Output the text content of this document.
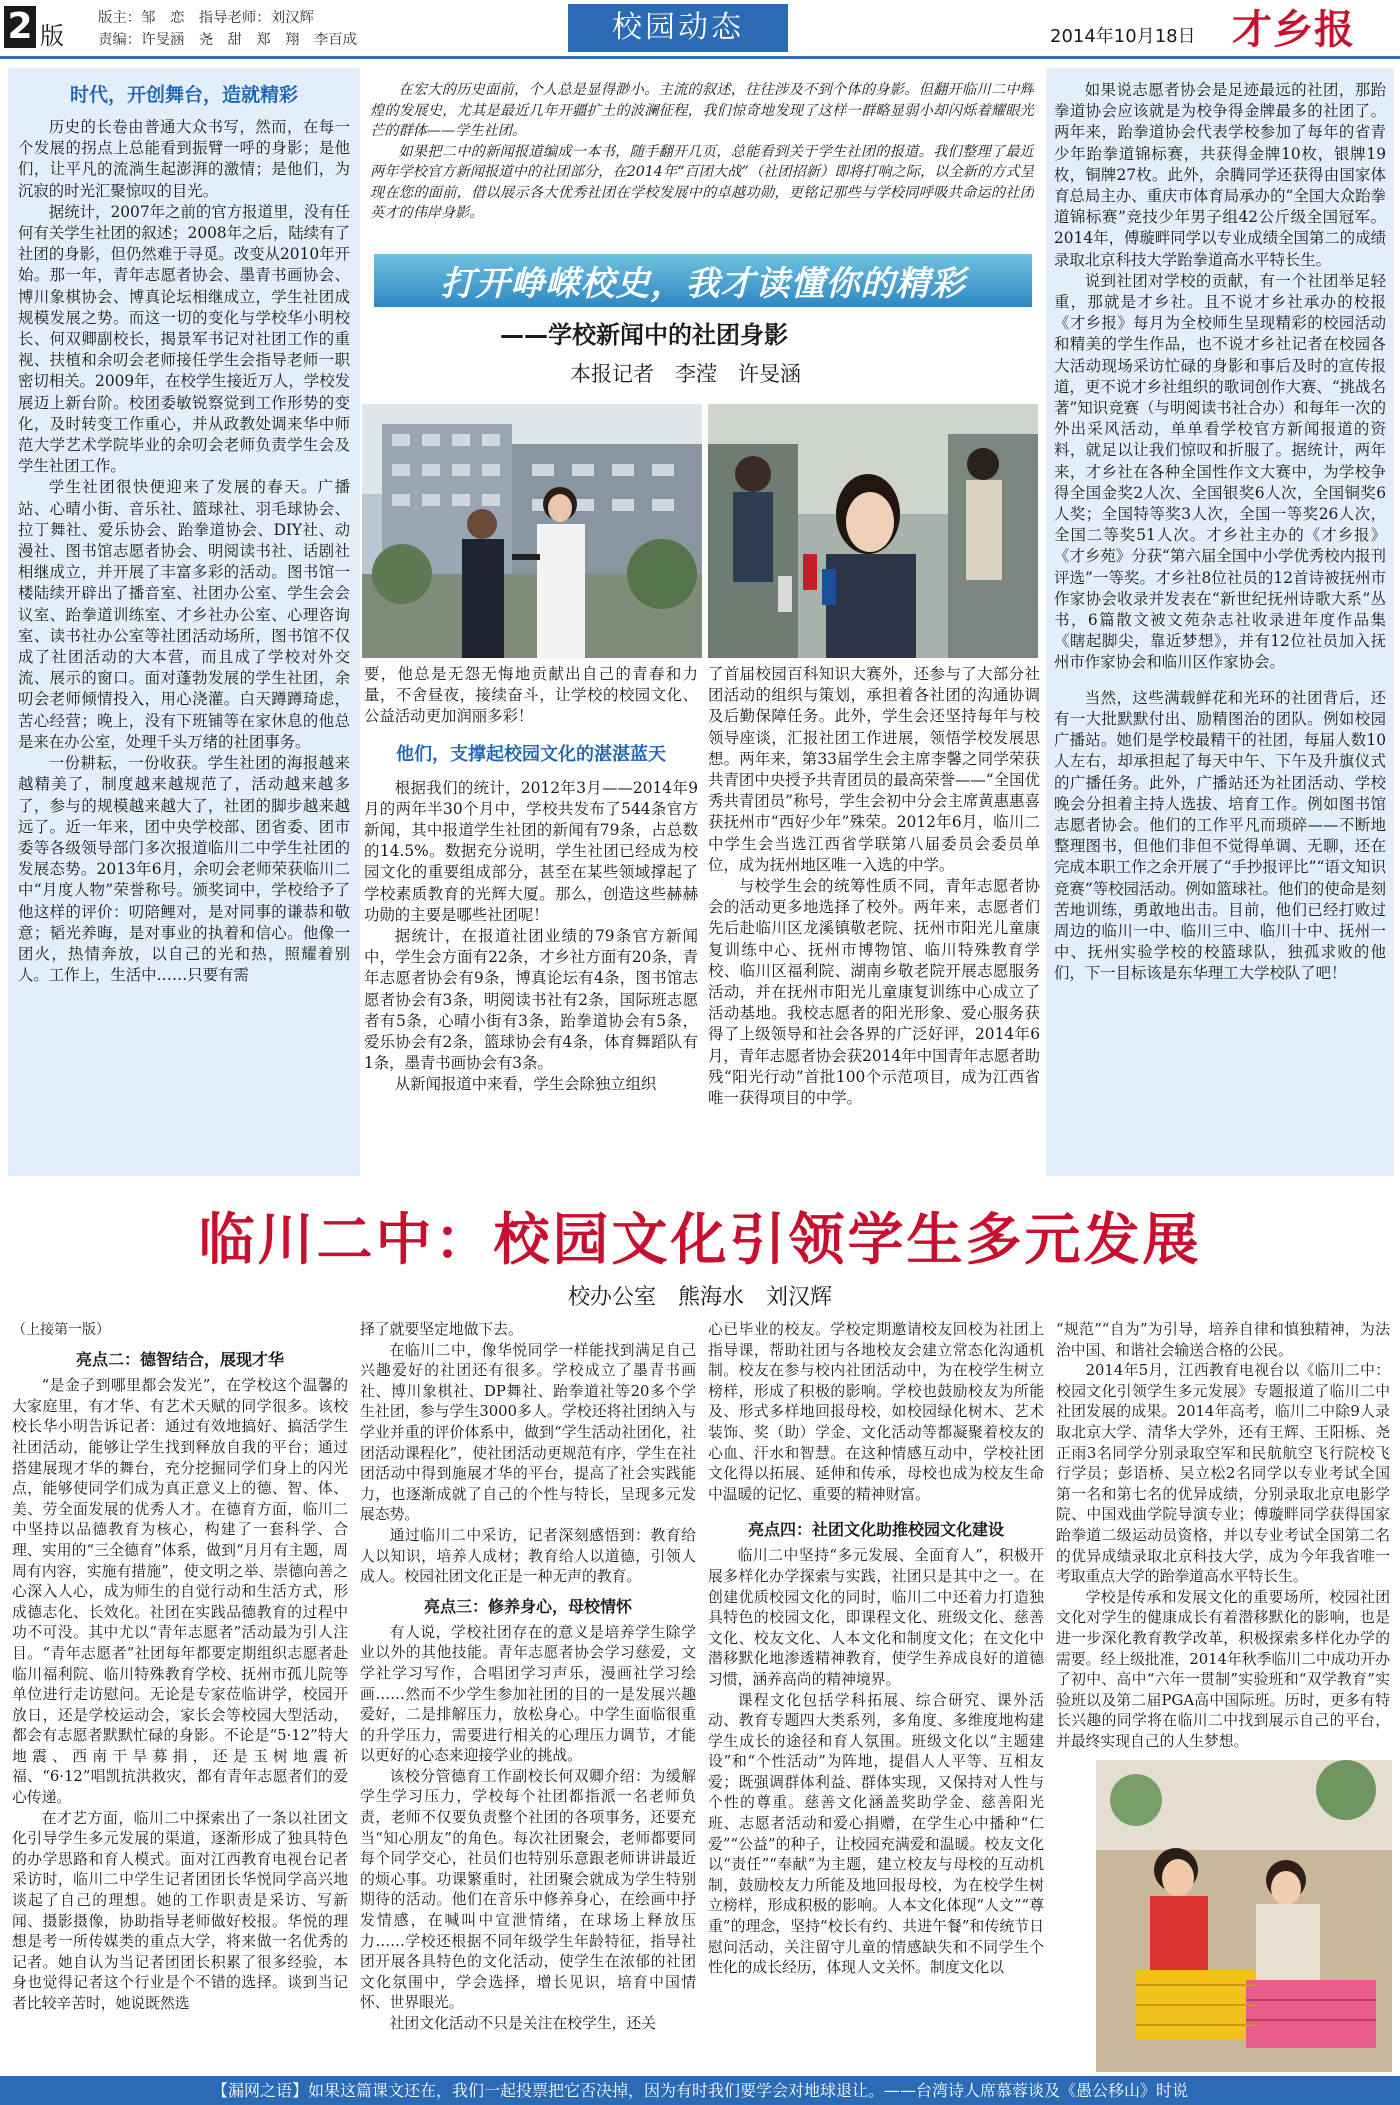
2 版
版主：邹　恋　指导老师：刘汉辉
责编：许旻涵　尧　甜　郑　翔　李百成	校园动态	2014年10月18日 才乡报

时代，开创舞台，造就精彩

历史的长卷由普通大众书写，然而，在每一个发展的拐点上总能看到振臂一呼的身影；是他们，让平凡的流淌生起澎湃的激情；是他们，为沉寂的时光汇聚惊叹的目光。

据统计，2007年之前的官方报道里，没有任何有关学生社团的叙述；2008年之后，陆续有了社团的身影，但仍然难于寻觅。改变从2010年开始。那一年，青年志愿者协会、墨青书画协会、博川象棋协会、博真论坛相继成立，学生社团成规模发展之势。而这一切的变化与学校华小明校长、何双卿副校长，揭景军书记对社团工作的重视、扶植和余叨会老师接任学生会指导老师一职密切相关。2009年，在校学生接近万人，学校发展迈上新台阶。校团委敏锐察觉到工作形势的变化，及时转变工作重心，并从政教处调来华中师范大学艺术学院毕业的余叨会老师负责学生会及学生社团工作。

学生社团很快便迎来了发展的春天。广播站、心晴小街、音乐社、篮球社、羽毛球协会、拉丁舞社、爱乐协会、跆拳道协会、DIY社、动漫社、图书馆志愿者协会、明阅读书社、话剧社相继成立，并开展了丰富多彩的活动。图书馆一楼陆续开辟出了播音室、社团办公室、学生会会议室、跆拳道训练室、才乡社办公室、心理咨询室、读书社办公室等社团活动场所，图书馆不仅成了社团活动的大本营，而且成了学校对外交流、展示的窗口。面对蓬勃发展的学生社团，余叨会老师倾情投入，用心浇灌。白天蹲蹲琦虑，苦心经营；晚上，没有下班铺等在家休息的他总是来在办公室，处理千头万绪的社团事务。

一份耕耘，一份收获。学生社团的海报越来越精美了，制度越来越规范了，活动越来越多了，参与的规模越来越大了，社团的脚步越来越远了。近一年来，团中央学校部、团省委、团市委等各级领导部门多次报道临川二中学生社团的发展态势。2013年6月，余叨会老师荣获临川二中“月度人物”荣誉称号。颁奖词中，学校给予了他这样的评价：叨陪鲤对，是对同事的谦恭和敬意；韬光养晦，是对事业的执着和信心。他像一团火，热情奔放，以自己的光和热，照耀着别人。工作上，生活中……只要有需

在宏大的历史面前，个人总是显得渺小。主流的叙述，往往涉及不到个体的身影。但翻开临川二中辉煌的发展史，尤其是最近几年开疆扩土的波澜征程，我们惊奇地发现了这样一群略显弱小却闪烁着耀眼光芒的群体——学生社团。

如果把二中的新闻报道编成一本书，随手翻开几页，总能看到关于学生社团的报道。我们整理了最近两年学校官方新闻报道中的社团部分，在2014年“百团大战”（社团招新）即将打响之际，以全新的方式呈现在您的面前，借以展示各大优秀社团在学校发展中的卓越功勋，更铭记那些与学校同呼吸共命运的社团英才的伟岸身影。

打开峥嵘校史，我才读懂你的精彩
——学校新闻中的社团身影
本报记者　李滢　许旻涵

要，他总是无怨无悔地贡献出自己的青春和力量，不舍昼夜，接续奋斗，让学校的校园文化、公益活动更加润丽多彩！

他们，支撑起校园文化的湛湛蓝天

根据我们的统计，2012年3月——2014年9月的两年半30个月中，学校共发布了544条官方新闻，其中报道学生社团的新闻有79条，占总数的14.5%。数据充分说明，学生社团已经成为校园文化的重要组成部分，甚至在某些领域撑起了学校素质教育的光辉大厦。那么，创造这些赫赫功勋的主要是哪些社团呢！

据统计，在报道社团业绩的79条官方新闻中，学生会方面有22条，才乡社方面有20条，青年志愿者协会有9条，博真论坛有4条，图书馆志愿者协会有3条，明阅读书社有2条，国际班志愿者有5条，心晴小街有3条，跆拳道协会有5条，爱乐协会有2条，篮球协会有4条，体育舞蹈队有1条，墨青书画协会有3条。

从新闻报道中来看，学生会除独立组织

了首届校园百科知识大赛外，还参与了大部分社团活动的组织与策划，承担着各社团的沟通协调及后勤保障任务。此外，学生会还坚持每年与校领导座谈，汇报社团工作进展，领悟学校发展思想。两年来，第33届学生会主席李馨之同学荣获共青团中央授予共青团员的最高荣誉——“全国优秀共青团员”称号，学生会初中分会主席黄惠惠喜获抚州市“西好少年”殊荣。2012年6月，临川二中学生会当选江西省学联第八届委员会委员单位，成为抚州地区唯一入选的中学。

与校学生会的统筹性质不同，青年志愿者协会的活动更多地选择了校外。两年来，志愿者们先后赴临川区龙溪镇敬老院、抚州市阳光儿童康复训练中心、抚州市博物馆、临川特殊教育学校、临川区福利院、湖南乡敬老院开展志愿服务活动，并在抚州市阳光儿童康复训练中心成立了活动基地。我校志愿者的阳光形象、爱心服务获得了上级领导和社会各界的广泛好评，2014年6月，青年志愿者协会获2014年中国青年志愿者助残“阳光行动”首批100个示范项目，成为江西省唯一获得项目的中学。

如果说志愿者协会是足迹最远的社团，那跆拳道协会应该就是为校争得金牌最多的社团了。两年来，跆拳道协会代表学校参加了每年的省青少年跆拳道锦标赛，共获得金牌10枚，银牌19枚，铜牌27枚。此外，余腾同学还获得由国家体育总局主办、重庆市体育局承办的“全国大众跆拳道锦标赛”竞技少年男子组42公斤级全国冠军。2014年，傅璇畔同学以专业成绩全国第二的成绩录取北京科技大学跆拳道高水平特长生。

说到社团对学校的贡献，有一个社团举足轻重，那就是才乡社。且不说才乡社承办的校报《才乡报》每月为全校师生呈现精彩的校园活动和精美的学生作品，也不说才乡社记者在校园各大活动现场采访忙碌的身影和事后及时的宣传报道，更不说才乡社组织的歌词创作大赛、“挑战名著”知识竞赛（与明阅读书社合办）和每年一次的外出采风活动，单单看学校官方新闻报道的资料，就足以让我们惊叹和折服了。据统计，两年来，才乡社在各种全国性作文大赛中，为学校争得全国金奖2人次、全国银奖6人次，全国铜奖6人奖；全国特等奖3人次，全国一等奖26人次，全国二等奖51人次。才乡社主办的《才乡报》《才乡苑》分获“第六届全国中小学优秀校内报刊评选”一等奖。才乡社8位社员的12首诗被抚州市作家协会收录并发表在“新世纪抚州诗歌大系”丛书，6篇散文被文苑杂志社收录进年度作品集《瞎起脚尖，靠近梦想》，并有12位社员加入抚州市作家协会和临川区作家协会。

当然，这些满载鲜花和光环的社团背后，还有一大批默默付出、励精图治的团队。例如校园广播站。她们是学校最精干的社团，每届人数10人左右，却承担起了每天中午、下午及升旗仪式的广播任务。此外，广播站还为社团活动、学校晚会分担着主持人选拔、培育工作。例如图书馆志愿者协会。他们的工作平凡而琐碎——不断地整理图书，但他们非但不觉得单调、无聊，还在完成本职工作之余开展了“手抄报评比”“语文知识竞赛”等校园活动。例如篮球社。他们的使命是刻苦地训练，勇敢地出击。目前，他们已经打败过周边的临川一中、临川三中、临川十中、抚州一中、抚州实验学校的校篮球队，独孤求败的他们，下一目标该是东华理工大学校队了吧！

临川二中：校园文化引领学生多元发展
校办公室　熊海水　刘汉辉

（上接第一版）

亮点二：德智结合，展现才华

“是金子到哪里都会发光”，在学校这个温馨的大家庭里，有才华、有艺术天赋的同学很多。该校校长华小明告诉记者：通过有效地搞好、搞活学生社团活动，能够让学生找到释放自我的平台；通过搭建展现才华的舞台，充分挖掘同学们身上的闪光点，能够使同学们成为真正意义上的德、智、体、美、劳全面发展的优秀人才。在德育方面，临川二中坚持以品德教育为核心，构建了一套科学、合理、实用的“三全德育”体系，做到“月月有主题，周周有内容，实施有措施”，使文明之举、崇德向善之心深入人心，成为师生的自觉行动和生活方式，形成德志化、长效化。社团在实践品德教育的过程中功不可没。其中尤以“青年志愿者”活动最为引人注目。“青年志愿者”社团每年都要定期组织志愿者赴临川福利院、临川特殊教育学校、抚州市孤儿院等单位进行走访慰问。无论是专家莅临讲学，校园开放日，还是学校运动会，家长会等校园大型活动，都会有志愿者默默忙碌的身影。不论是“5·12”特大地震、西南干旱募捐，还是玉树地震祈福、“6·12”唱凯抗洪救灾，都有青年志愿者们的爱心传递。

在才艺方面，临川二中探索出了一条以社团文化引导学生多元发展的渠道，逐渐形成了独具特色的办学思路和育人模式。面对江西教育电视台记者采访时，临川二中学生记者团团长华悦同学高兴地谈起了自己的理想。她的工作职责是采访、写新闻、摄影摄像，协助指导老师做好校报。华悦的理想是考一所传媒类的重点大学，将来做一名优秀的记者。她自认为当记者团团长积累了很多经验，本身也觉得记者这个行业是个不错的选择。谈到当记者比较辛苦时，她说既然选

择了就要坚定地做下去。

在临川二中，像华悦同学一样能找到满足自己兴趣爱好的社团还有很多。学校成立了墨青书画社、博川象棋社、DP舞社、跆拳道社等20多个学生社团，参与学生3000多人。学校还将社团纳入与学业并重的评价体系中，做到“学生活动社团化，社团活动课程化”，使社团活动更规范有序，学生在社团活动中得到施展才华的平台，提高了社会实践能力，也逐渐成就了自己的个性与特长，呈现多元发展态势。

通过临川二中采访，记者深刻感悟到：教育给人以知识，培养人成材；教育给人以道德，引领人成人。校园社团文化正是一种无声的教育。

亮点三：修养身心，母校情怀

有人说，学校社团存在的意义是培养学生除学业以外的其他技能。青年志愿者协会学习慈爱，文学社学习写作，合唱团学习声乐，漫画社学习绘画……然而不少学生参加社团的目的一是发展兴趣爱好，二是排解压力，放松身心。中学生面临很重的升学压力，需要进行相关的心理压力调节，才能以更好的心态来迎接学业的挑战。

该校分管德育工作副校长何双卿介绍：为缓解学生学习压力，学校每个社团都指派一名老师负责，老师不仅要负责整个社团的各项事务，还要充当“知心朋友”的角色。每次社团聚会，老师都要同每个同学交心，社员们也特别乐意跟老师讲讲最近的烦心事。功课繁重时，社团聚会就成为学生特别期待的活动。他们在音乐中修养身心，在绘画中抒发情感，在喊叫中宣泄情绪，在球场上释放压力……学校还根据不同年级学生年龄特征，指导社团开展各具特色的文化活动，使学生在浓郁的社团文化氛围中，学会选择，增长见识，培育中国情怀、世界眼光。

社团文化活动不只是关注在校学生，还关

心已毕业的校友。学校定期邀请校友回校为社团上指导课，帮助社团与各地校友会建立常态化沟通机制。校友在参与校内社团活动中，为在校学生树立榜样，形成了积极的影响。学校也鼓励校友为所能及、形式多样地回报母校，如校园绿化树木、艺术装饰、奖（助）学金、文化活动等都凝聚着校友的心血、汗水和智慧。在这种情感互动中，学校社团文化得以拓展、延伸和传承，母校也成为校友生命中温暖的记忆、重要的精神财富。

亮点四：社团文化助推校园文化建设

临川二中坚持“多元发展、全面育人”，积极开展多样化办学探索与实践，社团只是其中之一。在创建优质校园文化的同时，临川二中还着力打造独具特色的校园文化，即课程文化、班级文化、慈善文化、校友文化、人本文化和制度文化；在文化中潜移默化地渗透精神教育，使学生养成良好的道德习惯，涵养高尚的精神境界。

课程文化包括学科拓展、综合研究、课外活动、教育专题四大类系列，多角度、多维度地构建学生成长的途径和育人氛围。班级文化以“主题建设”和“个性活动”为阵地，提倡人人平等、互相友爱；既强调群体利益、群体实现，又保持对人性与个性的尊重。慈善文化涵盖奖助学金、慈善阳光班、志愿者活动和爱心捐赠，在学生心中播种“仁爱”“公益”的种子，让校园充满爱和温暖。校友文化以“责任”“奉献”为主题，建立校友与母校的互动机制，鼓励校友力所能及地回报母校，为在校学生树立榜样，形成积极的影响。人本文化体现“人文”“尊重”的理念，坚持“校长有约、共进午餐”和传统节日慰问活动，关注留守儿童的情感缺失和不同学生个性化的成长经历，体现人文关怀。制度文化以

“规范”“自为”为引导，培养自律和慎独精神，为法治中国、和谐社会输送合格的公民。

2014年5月，江西教育电视台以《临川二中：校园文化引领学生多元发展》专题报道了临川二中社团发展的成果。2014年高考，临川二中除9人录取北京大学、清华大学外，还有王辉、王阳栎、尧正雨3名同学分别录取空军和民航航空飞行院校飞行学员；彭语桥、吴立松2名同学以专业考试全国第一名和第七名的优异成绩，分别录取北京电影学院、中国戏曲学院导演专业；傅璇畔同学获得国家跆拳道二级运动员资格，并以专业考试全国第二名的优异成绩录取北京科技大学，成为今年我省唯一考取重点大学的跆拳道高水平特长生。

学校是传承和发展文化的重要场所，校园社团文化对学生的健康成长有着潜移默化的影响，也是进一步深化教育教学改革，积极探索多样化办学的需要。经上级批准，2014年秋季临川二中成功开办了初中、高中“六年一贯制”实验班和“双学教育”实验班以及第二届PGA高中国际班。历时，更多有特长兴趣的同学将在临川二中找到展示自己的平台，并最终实现自己的人生梦想。

【漏网之语】如果这篇课文还在，我们一起投票把它否决掉，因为有时我们要学会对地球退让。——台湾诗人席慕蓉谈及《愚公移山》时说
